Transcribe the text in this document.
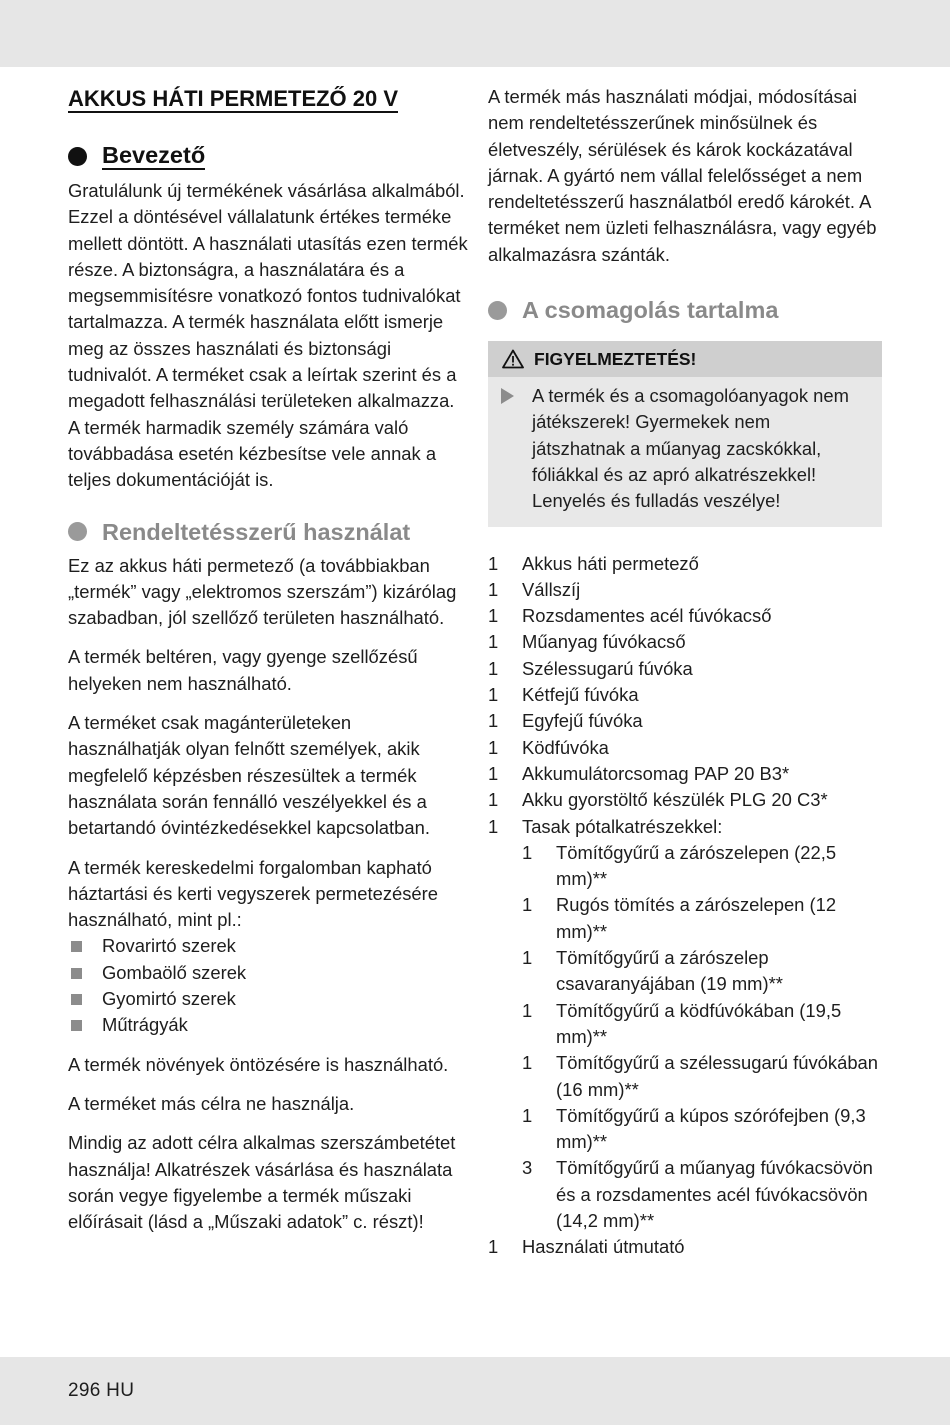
AKKUS HÁTI PERMETEZŐ 20 V
Bevezető

Gratulálunk új termékének vásárlása alkalmából. Ezzel a döntésével vállalatunk értékes terméke mellett döntött. A használati utasítás ezen termék része. A biztonságra, a használatára és a megsemmisítésre vonatkozó fontos tudnivalókat tartalmazza. A termék használata előtt ismerje meg az összes használati és biztonsági tudnivalót. A terméket csak a leírtak szerint és a megadott felhasználási területeken alkalmazza. A termék harmadik személy számára való továbbadása esetén kézbesítse vele annak a teljes dokumentációját is.

Rendeltetésszerű használat

Ez az akkus háti permetező (a továbbiakban „termék” vagy „elektromos szerszám”) kizárólag szabadban, jól szellőző területen használható.

A termék beltéren, vagy gyenge szellőzésű helyeken nem használható.

A terméket csak magánterületeken használhatják olyan felnőtt személyek, akik megfelelő képzésben részesültek a termék használata során fennálló veszélyekkel és a betartandó óvintézkedésekkel kapcsolatban.

A termék kereskedelmi forgalomban kapható háztartási és kerti vegyszerek permetezésére használható, mint pl.:

Rovarirtó szerek
Gombaölő szerek
Gyomirtó szerek
Műtrágyák

A termék növények öntözésére is használható.

A terméket más célra ne használja.

Mindig az adott célra alkalmas szerszámbetétet használja! Alkatrészek vásárlása és használata során vegye figyelembe a termék műszaki előírásait (lásd a „Műszaki adatok” c. részt)!

A termék más használati módjai, módosításai nem rendeltetésszerűnek minősülnek és életveszély, sérülések és károk kockázatával járnak. A gyártó nem vállal felelősséget a nem rendeltetésszerű használatból eredő károkét. A terméket nem üzleti felhasználásra, vagy egyéb alkalmazásra szánták.

A csomagolás tartalma
FIGYELMEZTETÉS!
A termék és a csomagolóanyagok nem játékszerek! Gyermekek nem játszhatnak a műanyag zacskókkal, fóliákkal és az apró alkatrészekkel! Lenyelés és fulladás veszélye!
1	Akkus háti permetező
1	Vállszíj
1	Rozsdamentes acél fúvókacső
1	Műanyag fúvókacső
1	Szélessugarú fúvóka
1	Kétfejű fúvóka
1	Egyfejű fúvóka
1	Ködfúvóka
1	Akkumulátorcsomag PAP 20 B3*
1	Akku gyorstöltő készülék PLG 20 C3*
1	Tasak pótalkatrészekkel:
1	Tömítőgyűrű a zárószelepen (22,5 mm)**
1	Rugós tömítés a zárószelepen (12 mm)**
1	Tömítőgyűrű a zárószelep csavaranyájában (19 mm)**
1	Tömítőgyűrű a ködfúvókában (19,5 mm)**
1	Tömítőgyűrű a szélessugarú fúvókában (16 mm)**
1	Tömítőgyűrű a kúpos szórófejben (9,3 mm)**
3	Tömítőgyűrű a műanyag fúvókacsövön és a rozsdamentes acél fúvókacsövön (14,2 mm)**
1	Használati útmutató
296 HU
